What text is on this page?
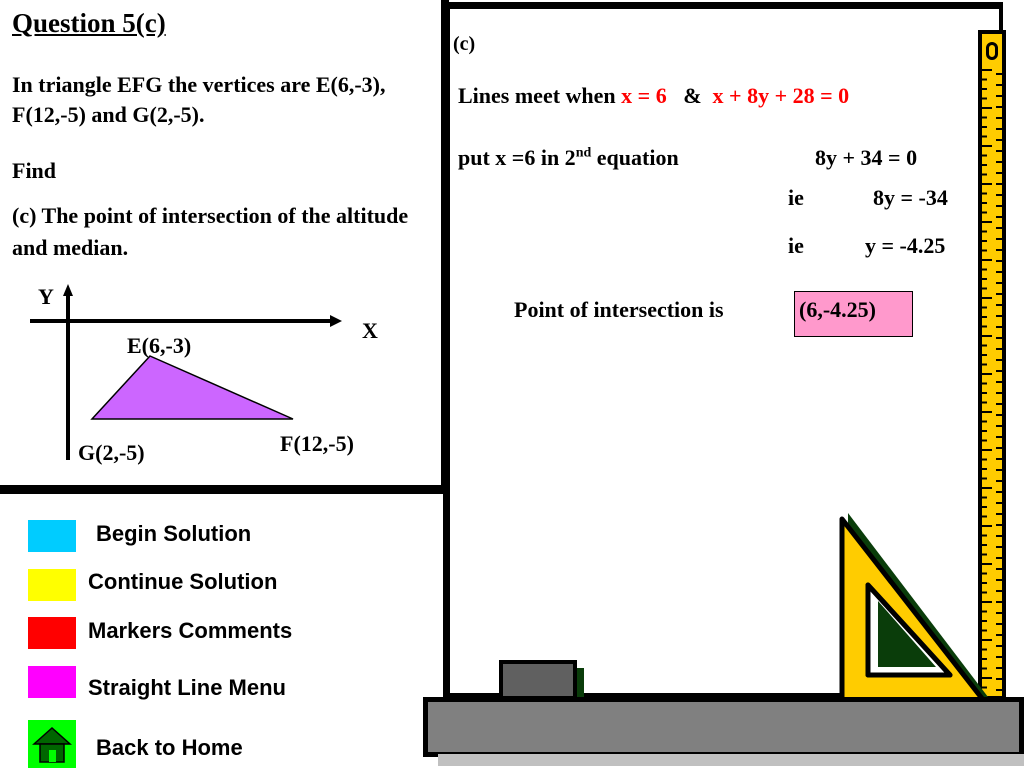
Question 5(c)
In triangle EFG the vertices are E(6,-3), F(12,-5) and G(2,-5).
Find
(c) The point of intersection of the altitude and median.
Y
X
E(6,-3)
F(12,-5)
G(2,-5)
(c)
Lines meet when x = 6 & x + 8y + 28 = 0
put x =6 in 2nd equation	8y + 34 = 0
ie	8y = -34
ie	y = -4.25
Point of intersection is	(6,-4.25)
Begin Solution
Continue Solution
Markers Comments
Straight Line Menu
Back to Home
